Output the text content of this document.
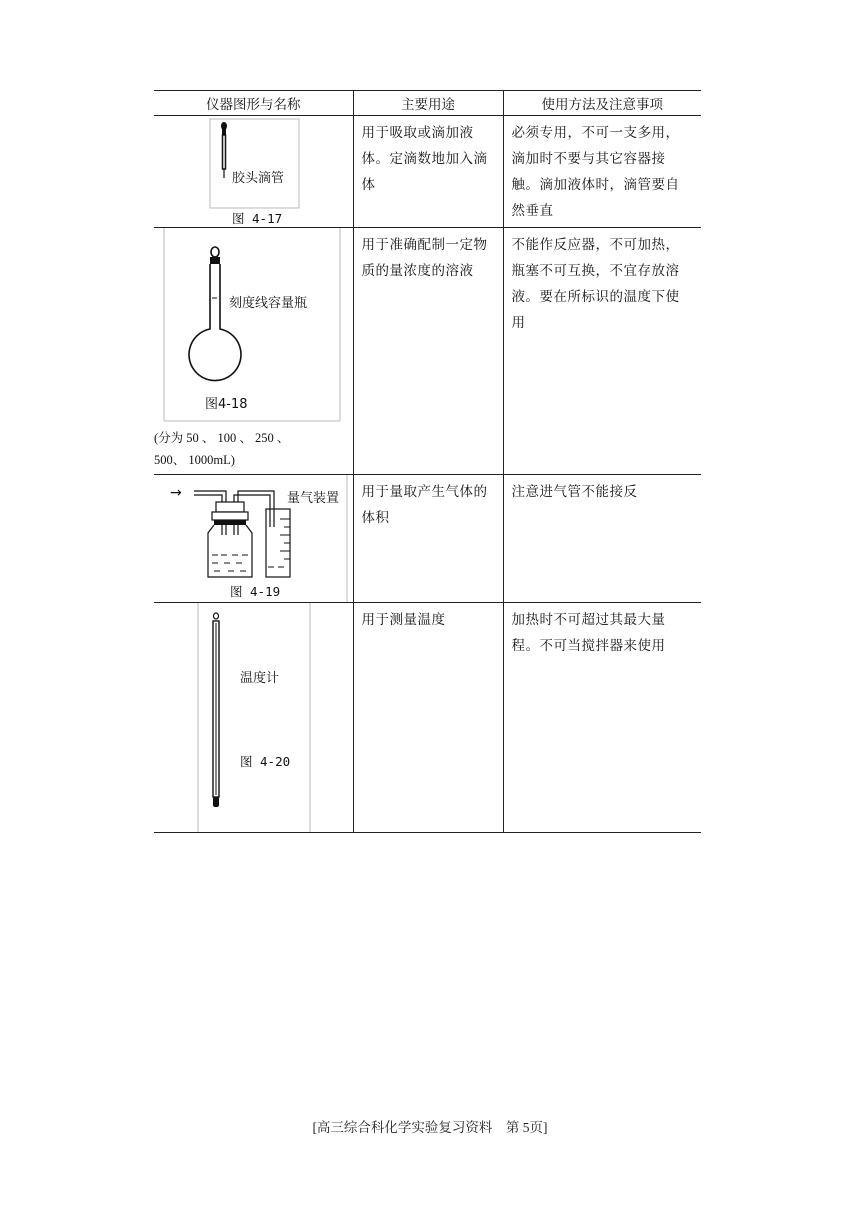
仪器图形与名称	主要用途	使用方法及注意事项

胶头滴管
图 4-17	用于吸取或滴加液体。定滴数地加入滴体	必须专用，不可一支多用，滴加时不要与其它容器接触。滴加液体时，滴管要自然垂直

刻度线容量瓶
图4-18
(分为 50 、 100 、 250 、
500、 1000mL)	用于准确配制一定物质的量浓度的溶液	不能作反应器，不可加热，瓶塞不可互换，不宜存放溶液。要在所标识的温度下使用

→ 量气装置
图 4-19	用于量取产生气体的体积	注意进气管不能接反

温度计
图 4-20	用于测量温度	加热时不可超过其最大量程。不可当搅拌器来使用
[高三综合科化学实验复习资料　第 5页]
